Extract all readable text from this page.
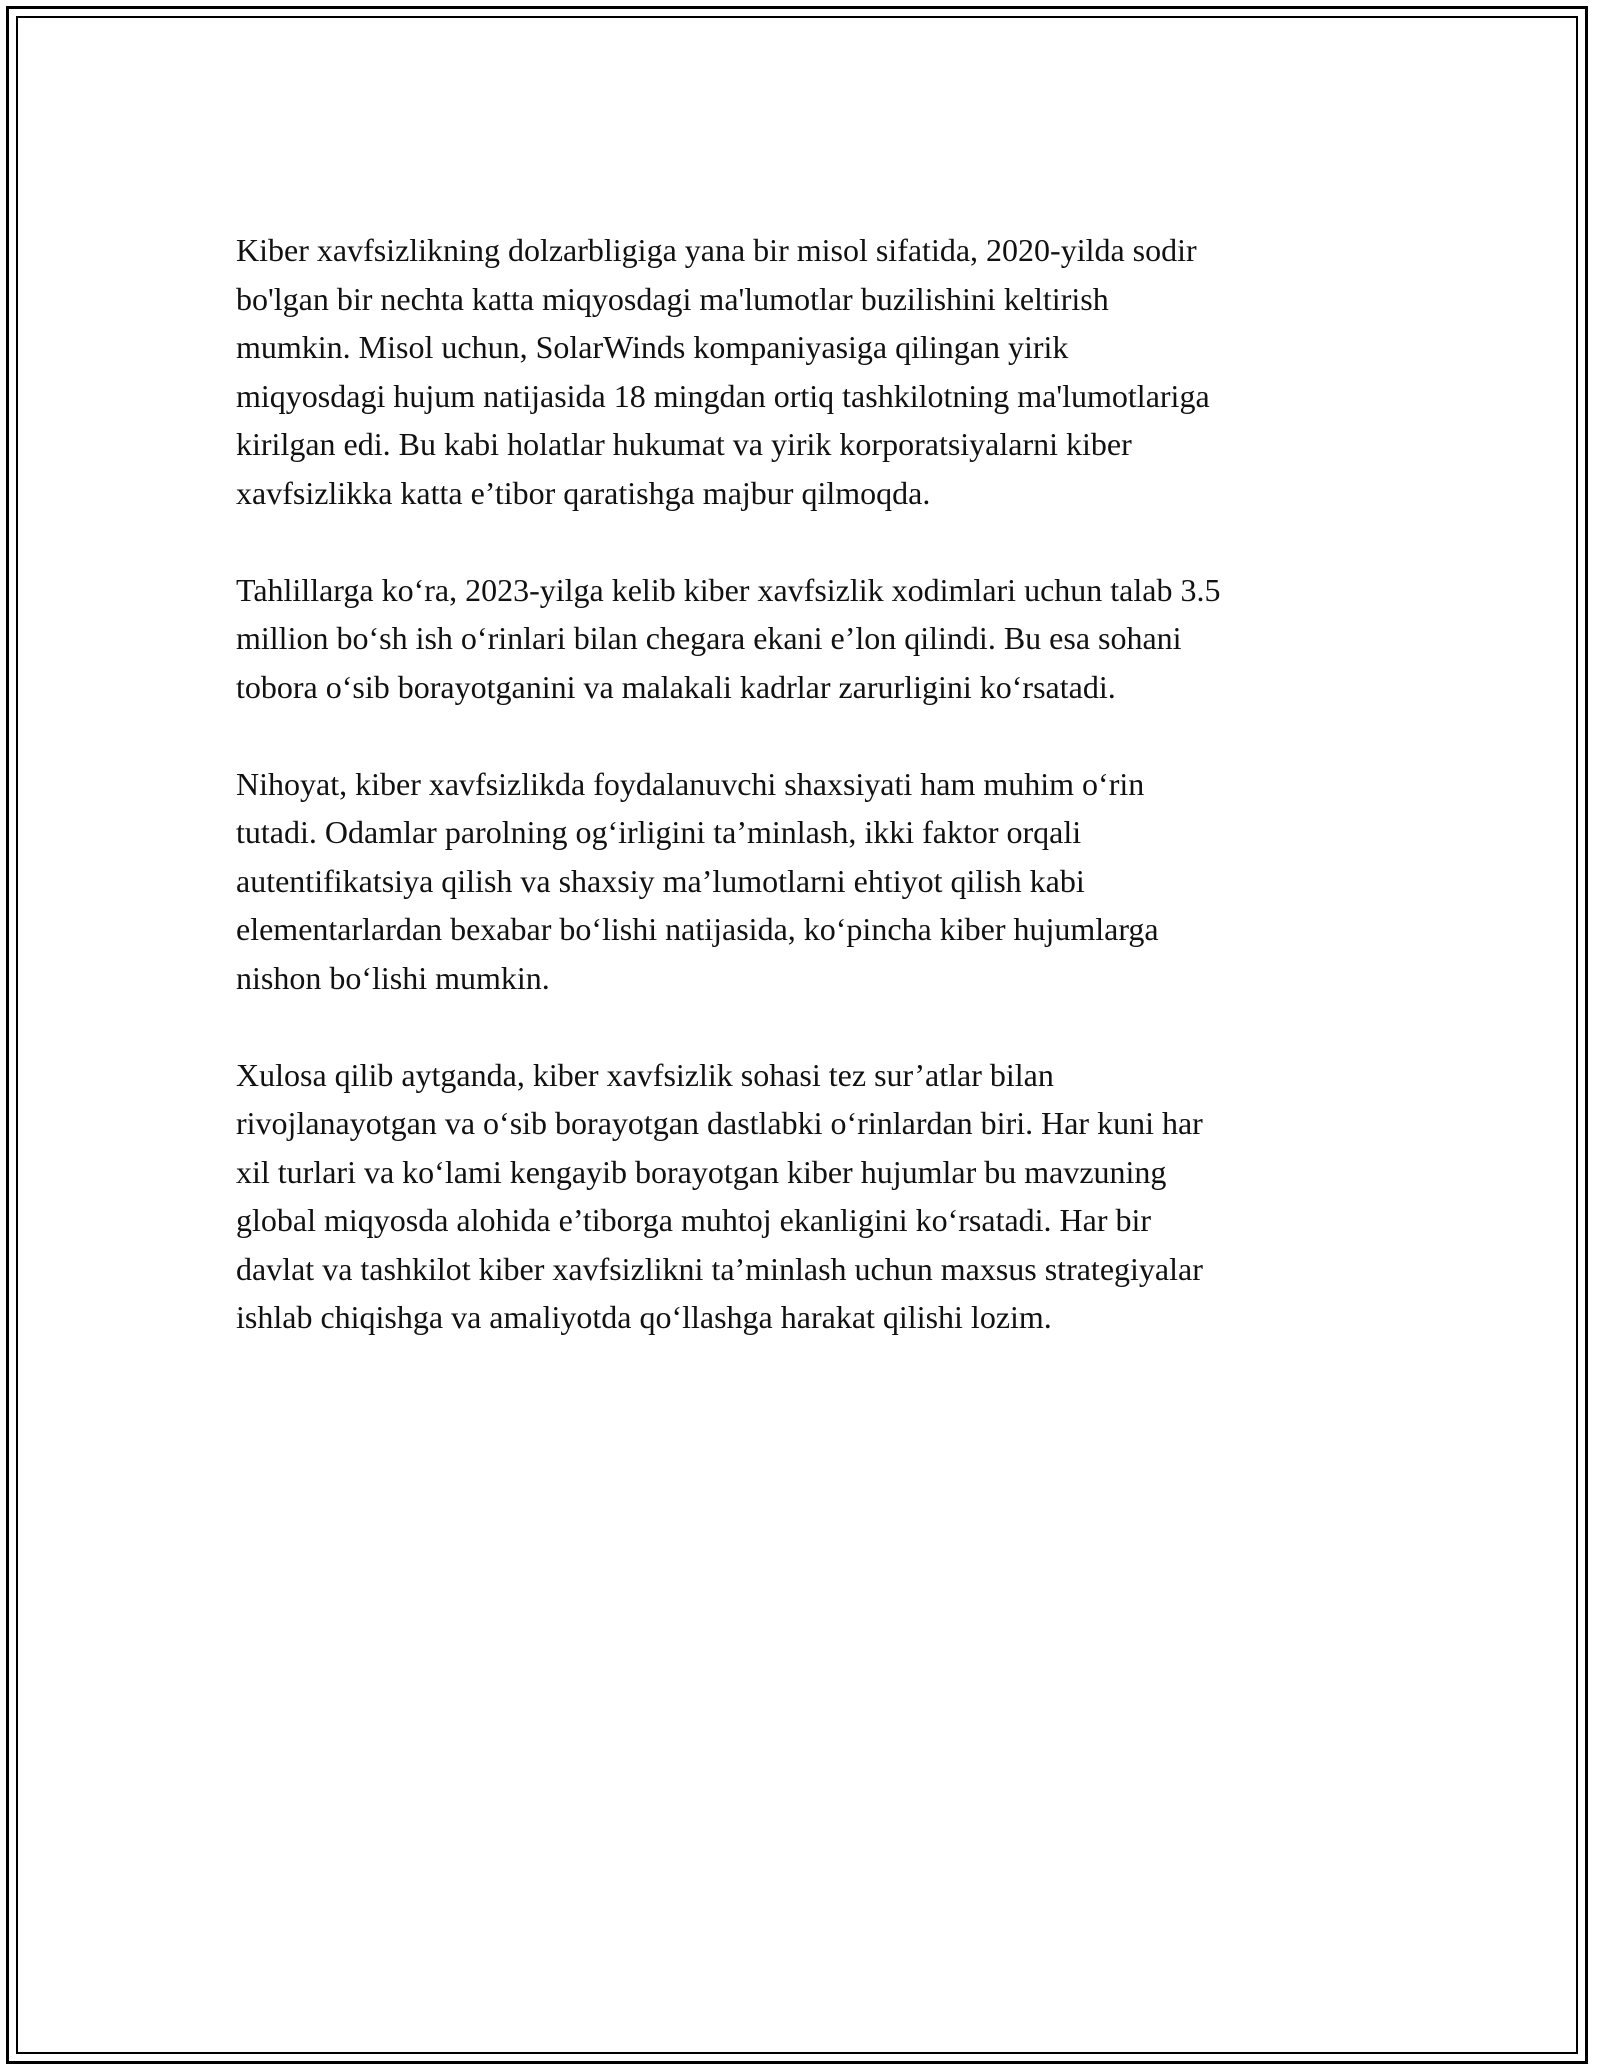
Kiber xavfsizlikning dolzarbligiga yana bir misol sifatida, 2020-yilda sodir
bo'lgan bir nechta katta miqyosdagi ma'lumotlar buzilishini keltirish
mumkin. Misol uchun, SolarWinds kompaniyasiga qilingan yirik
miqyosdagi hujum natijasida 18 mingdan ortiq tashkilotning ma'lumotlariga
kirilgan edi. Bu kabi holatlar hukumat va yirik korporatsiyalarni kiber
xavfsizlikka katta e’tibor qaratishga majbur qilmoqda.

Tahlillarga ko‘ra, 2023-yilga kelib kiber xavfsizlik xodimlari uchun talab 3.5
million bo‘sh ish o‘rinlari bilan chegara ekani e’lon qilindi. Bu esa sohani
tobora o‘sib borayotganini va malakali kadrlar zarurligini ko‘rsatadi.

Nihoyat, kiber xavfsizlikda foydalanuvchi shaxsiyati ham muhim o‘rin
tutadi. Odamlar parolning og‘irligini ta’minlash, ikki faktor orqali
autentifikatsiya qilish va shaxsiy ma’lumotlarni ehtiyot qilish kabi
elementarlardan bexabar bo‘lishi natijasida, ko‘pincha kiber hujumlarga
nishon bo‘lishi mumkin.

Xulosa qilib aytganda, kiber xavfsizlik sohasi tez sur’atlar bilan
rivojlanayotgan va o‘sib borayotgan dastlabki o‘rinlardan biri. Har kuni har
xil turlari va ko‘lami kengayib borayotgan kiber hujumlar bu mavzuning
global miqyosda alohida e’tiborga muhtoj ekanligini ko‘rsatadi. Har bir
davlat va tashkilot kiber xavfsizlikni ta’minlash uchun maxsus strategiyalar
ishlab chiqishga va amaliyotda qo‘llashga harakat qilishi lozim.
